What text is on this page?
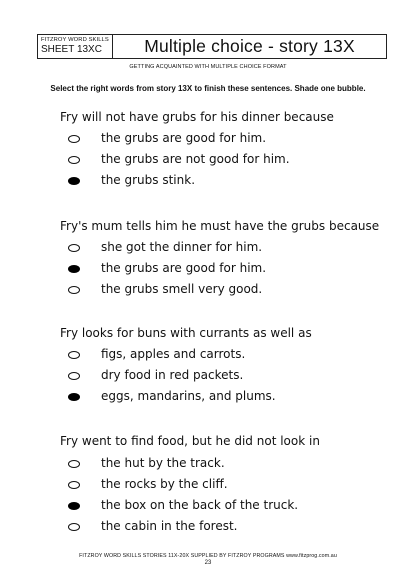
FITZROY WORD SKILLS
SHEET 13XC	Multiple choice - story 13X
GETTING ACQUAINTED WITH MULTIPLE CHOICE FORMAT
Select the right words from story 13X to finish these sentences. Shade one bubble.
Fry will not have grubs for his dinner because
the grubs are good for him.
the grubs are not good for him.
the grubs stink.
Fry's mum tells him he must have the grubs because
she got the dinner for him.
the grubs are good for him.
the grubs smell very good.
Fry looks for buns with currants as well as
figs, apples and carrots.
dry food in red packets.
eggs, mandarins, and plums.
Fry went to find food, but he did not look in
the hut by the track.
the rocks by the cliff.
the box on the back of the truck.
the cabin in the forest.
FITZROY WORD SKILLS STORIES 11X-20X SUPPLIED BY FITZROY PROGRAMS www.fitzprog.com.au
23
